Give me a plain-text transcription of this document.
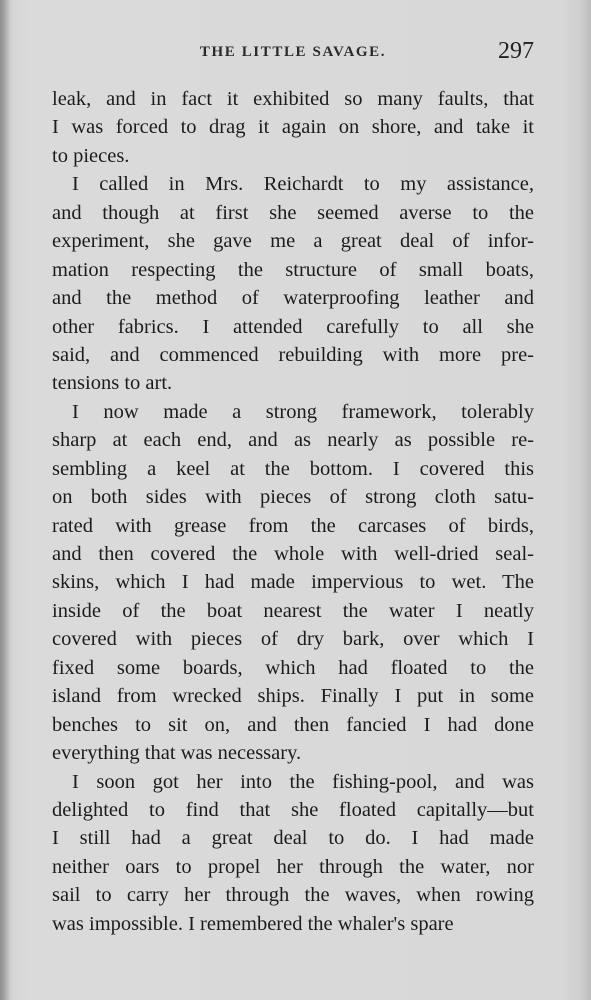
THE LITTLE SAVAGE.	297
leak, and in fact it exhibited so many faults, that
I was forced to drag it again on shore, and take it
to pieces.
I called in Mrs. Reichardt to my assistance,
and though at first she seemed averse to the
experiment, she gave me a great deal of infor-
mation respecting the structure of small boats,
and the method of waterproofing leather and
other fabrics. I attended carefully to all she
said, and commenced rebuilding with more pre-
tensions to art.
I now made a strong framework, tolerably
sharp at each end, and as nearly as possible re-
sembling a keel at the bottom. I covered this
on both sides with pieces of strong cloth satu-
rated with grease from the carcases of birds,
and then covered the whole with well-dried seal-
skins, which I had made impervious to wet. The
inside of the boat nearest the water I neatly
covered with pieces of dry bark, over which I
fixed some boards, which had floated to the
island from wrecked ships. Finally I put in some
benches to sit on, and then fancied I had done
everything that was necessary.
I soon got her into the fishing-pool, and was
delighted to find that she floated capitally—but
I still had a great deal to do. I had made
neither oars to propel her through the water, nor
sail to carry her through the waves, when rowing
was impossible. I remembered the whaler's spare
